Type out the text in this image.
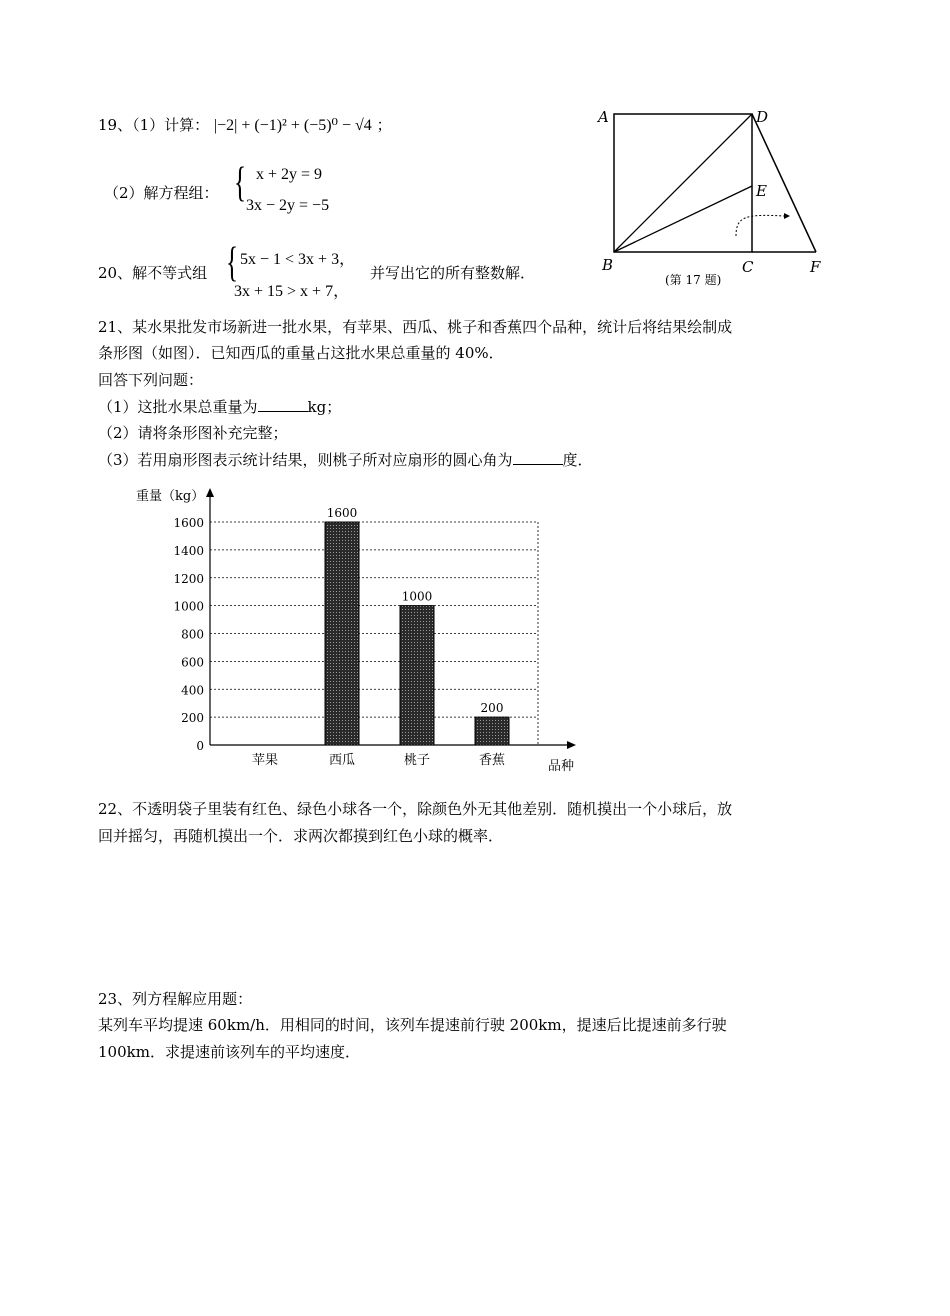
19、（1）计算： |−2| + (−1)² + (−5)⁰ − √4 ；
（2）解方程组： { x + 2y = 9
3x − 2y = −5
20、解不等式组 { 5x − 1 < 3x + 3，
3x + 15 > x + 7，
并写出它的所有整数解．
A	D
E
B	C	F
(第 17 题)
21、某水果批发市场新进一批水果，有苹果、西瓜、桃子和香蕉四个品种，统计后将结果绘制成
条形图（如图）．已知西瓜的重量占这批水果总重量的 40%．
回答下列问题：
（1）这批水果总重量为	kg；
（2）请将条形图补充完整；
（3）若用扇形图表示统计结果，则桃子所对应扇形的圆心角为	度．
0
200
400
600
800
1000
1200
1400
1600
重量（kg）
品种
苹果	西瓜
1600
桃子
1000
香蕉
200
22、不透明袋子里装有红色、绿色小球各一个，除颜色外无其他差别．随机摸出一个小球后，放
回并摇匀，再随机摸出一个．求两次都摸到红色小球的概率．
23、列方程解应用题：
某列车平均提速 60km/h．用相同的时间，该列车提速前行驶 200km，提速后比提速前多行驶
100km．求提速前该列车的平均速度．
